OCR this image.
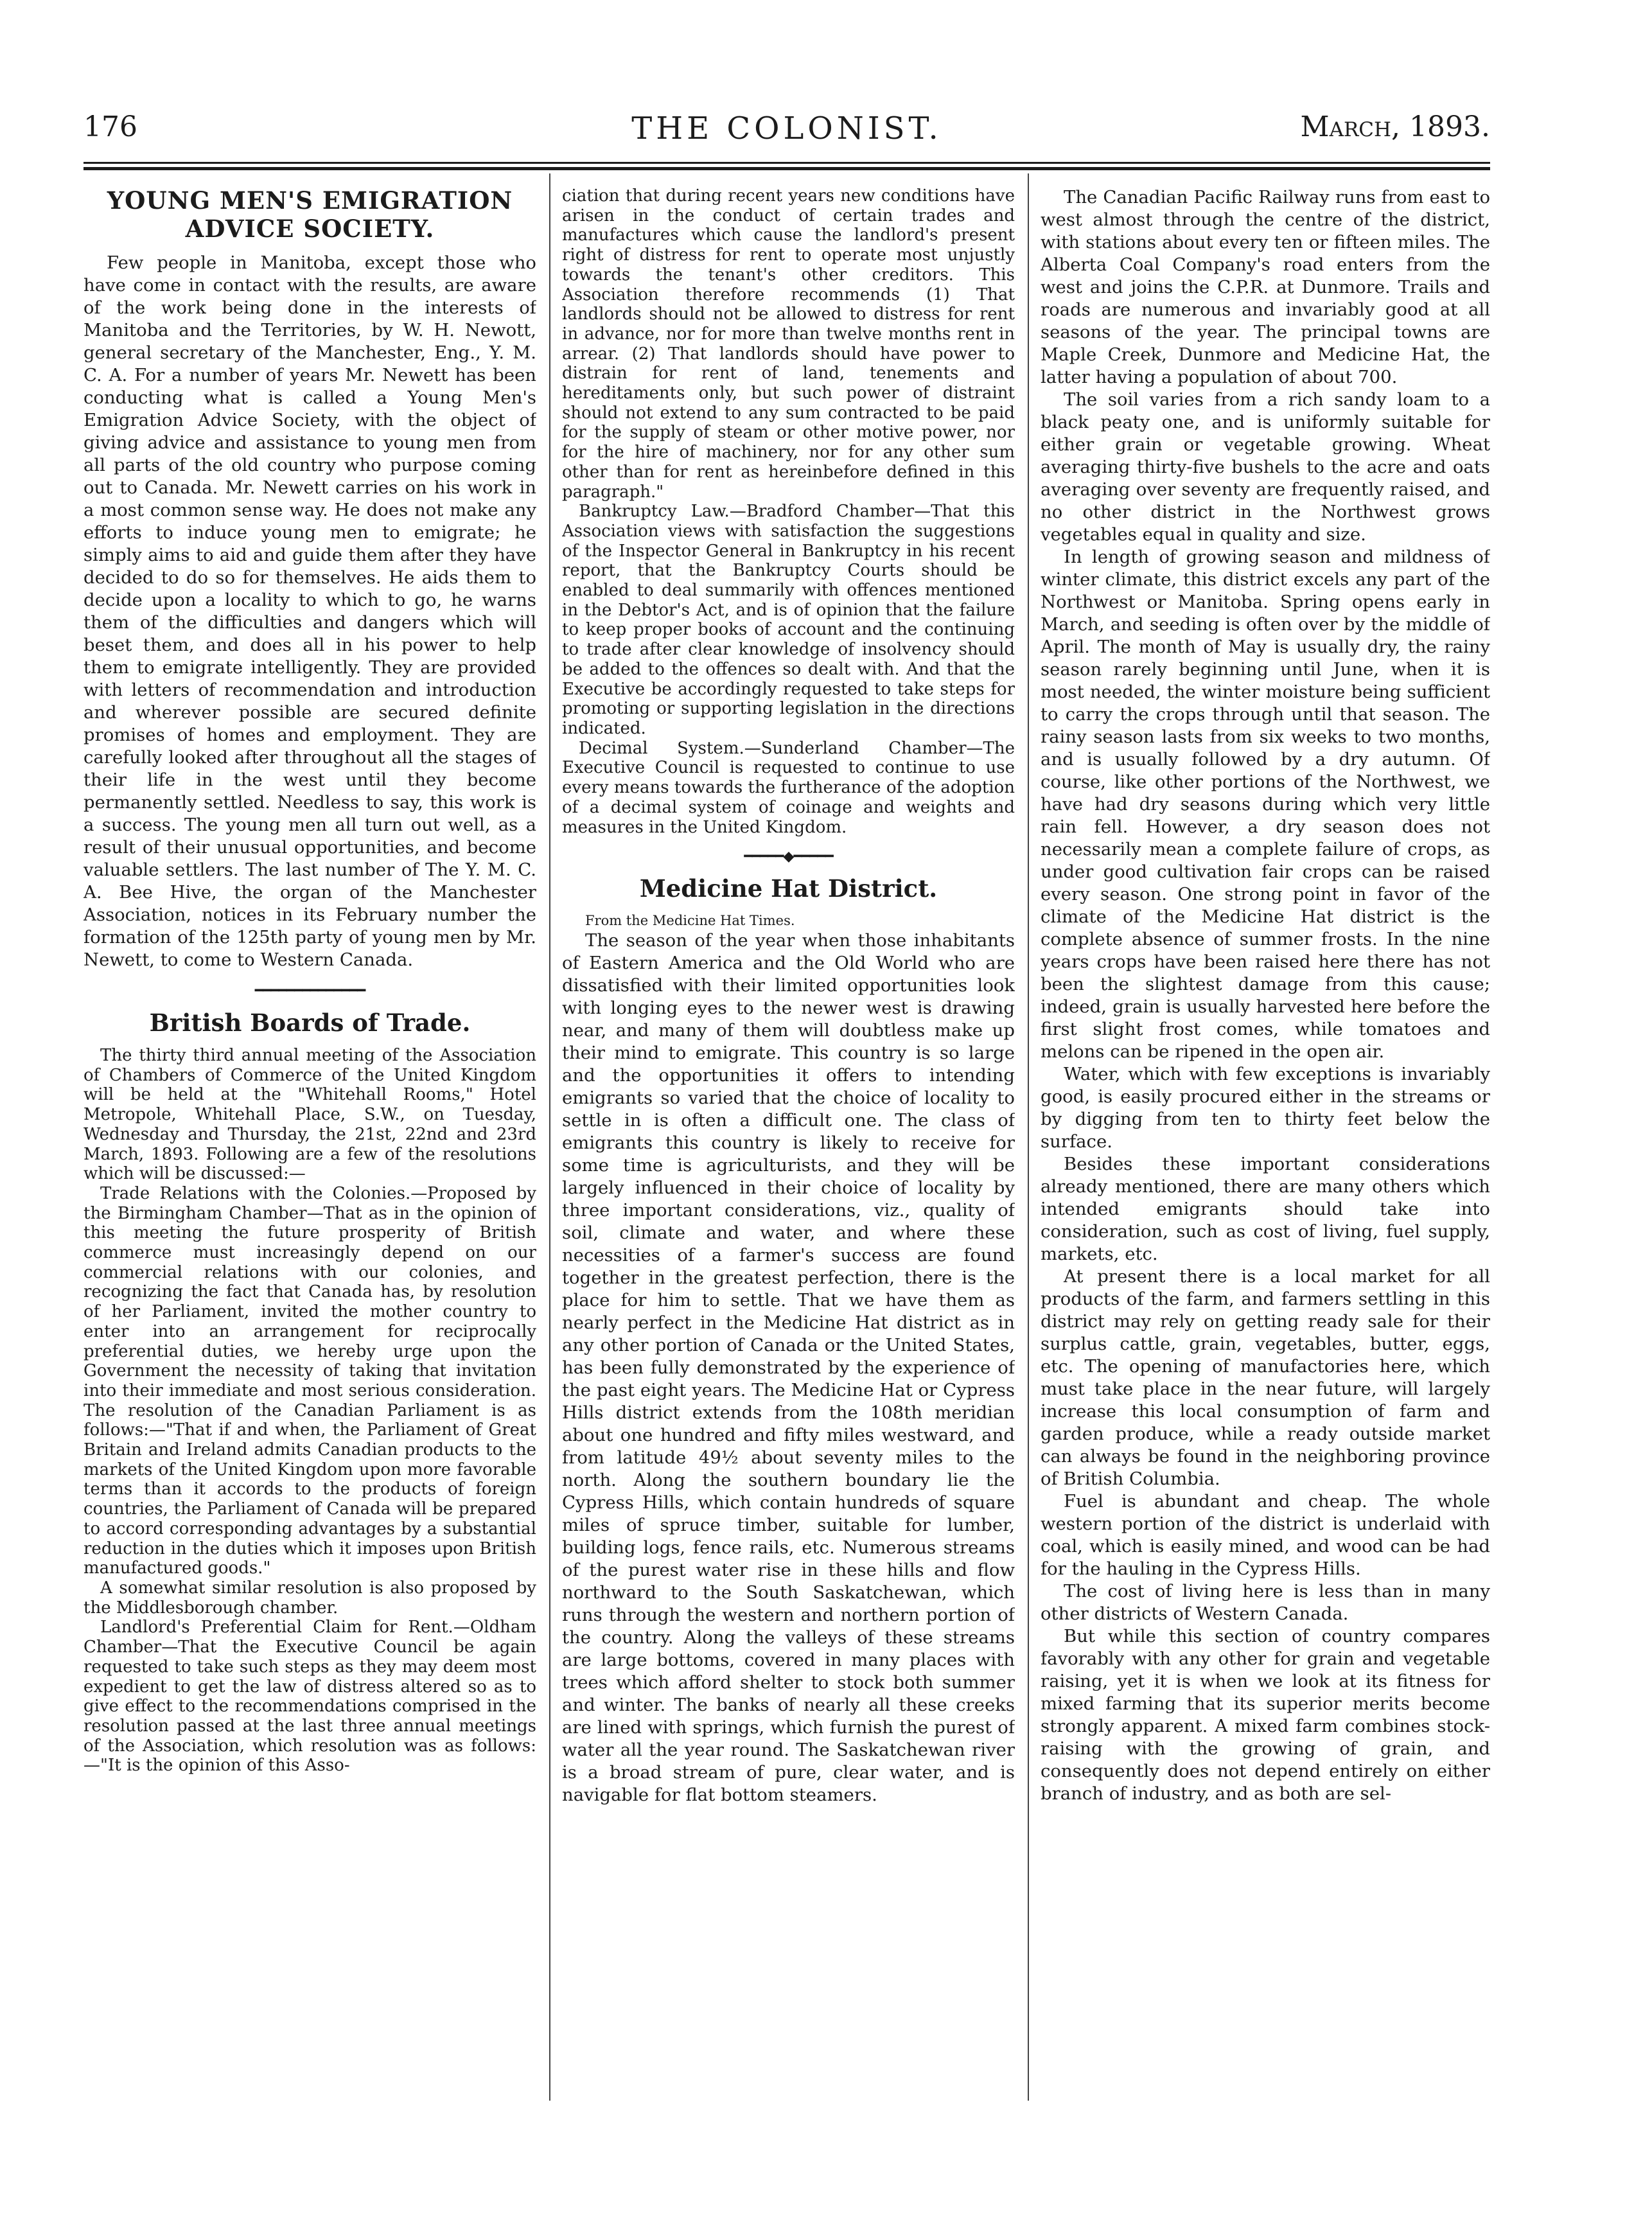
176	THE COLONIST.	March, 1893.
YOUNG MEN'S EMIGRATION ADVICE SOCIETY.

Few people in Manitoba, except those who have come in contact with the results, are aware of the work being done in the interests of Manitoba and the Territories, by W. H. Newott, general secretary of the Manchester, Eng., Y. M. C. A. For a number of years Mr. Newett has been conducting what is called a Young Men's Emigration Advice Society, with the object of giving advice and assistance to young men from all parts of the old country who purpose coming out to Canada. Mr. Newett carries on his work in a most common sense way. He does not make any efforts to induce young men to emigrate; he simply aims to aid and guide them after they have decided to do so for themselves. He aids them to decide upon a locality to which to go, he warns them of the difficulties and dangers which will beset them, and does all in his power to help them to emigrate intelligently. They are provided with letters of recommendation and introduction and wherever possible are secured definite promises of homes and employment. They are carefully looked after throughout all the stages of their life in the west until they become permanently settled. Needless to say, this work is a success. The young men all turn out well, as a result of their unusual opportunities, and become valuable settlers. The last number of The Y. M. C. A. Bee Hive, the organ of the Manchester Association, notices in its February number the formation of the 125th party of young men by Mr. Newett, to come to Western Canada.

━━━━━━━━━━━━━━
British Boards of Trade.

The thirty third annual meeting of the Association of Chambers of Commerce of the United Kingdom will be held at the "Whitehall Rooms," Hotel Metropole, Whitehall Place, S.W., on Tuesday, Wednesday and Thursday, the 21st, 22nd and 23rd March, 1893. Following are a few of the resolutions which will be discussed:—

Trade Relations with the Colonies.—Proposed by the Birmingham Chamber—That as in the opinion of this meeting the future prosperity of British commerce must increasingly depend on our commercial relations with our colonies, and recognizing the fact that Canada has, by resolution of her Parliament, invited the mother country to enter into an arrangement for reciprocally preferential duties, we hereby urge upon the Government the necessity of taking that invitation into their immediate and most serious consideration. The resolution of the Canadian Parliament is as follows:—"That if and when, the Parliament of Great Britain and Ireland admits Canadian products to the markets of the United Kingdom upon more favorable terms than it accords to the products of foreign countries, the Parliament of Canada will be prepared to accord corresponding advantages by a substantial reduction in the duties which it imposes upon British manufactured goods."

A somewhat similar resolution is also proposed by the Middlesborough chamber.

Landlord's Preferential Claim for Rent.—Oldham Chamber—That the Executive Council be again requested to take such steps as they may deem most expedient to get the law of distress altered so as to give effect to the recommendations comprised in the resolution passed at the last three annual meetings of the Association, which resolution was as follows:—"It is the opinion of this Asso-

ciation that during recent years new conditions have arisen in the conduct of certain trades and manufactures which cause the landlord's present right of distress for rent to operate most unjustly towards the tenant's other creditors. This Association therefore recommends (1) That landlords should not be allowed to distress for rent in advance, nor for more than twelve months rent in arrear. (2) That landlords should have power to distrain for rent of land, tenements and hereditaments only, but such power of distraint should not extend to any sum contracted to be paid for the supply of steam or other motive power, nor for the hire of machinery, nor for any other sum other than for rent as hereinbefore defined in this paragraph."

Bankruptcy Law.—Bradford Chamber—That this Association views with satisfaction the suggestions of the Inspector General in Bankruptcy in his recent report, that the Bankruptcy Courts should be enabled to deal summarily with offences mentioned in the Debtor's Act, and is of opinion that the failure to keep proper books of account and the continuing to trade after clear knowledge of insolvency should be added to the offences so dealt with. And that the Executive be accordingly requested to take steps for promoting or supporting legislation in the directions indicated.

Decimal System.—Sunderland Chamber—The Executive Council is requested to continue to use every means towards the furtherance of the adoption of a decimal system of coinage and weights and measures in the United Kingdom.

━━━━━◆━━━━━
Medicine Hat District.

From the Medicine Hat Times.

The season of the year when those inhabitants of Eastern America and the Old World who are dissatisfied with their limited opportunities look with longing eyes to the newer west is drawing near, and many of them will doubtless make up their mind to emigrate. This country is so large and the opportunities it offers to intending emigrants so varied that the choice of locality to settle in is often a difficult one. The class of emigrants this country is likely to receive for some time is agriculturists, and they will be largely influenced in their choice of locality by three important considerations, viz., quality of soil, climate and water, and where these necessities of a farmer's success are found together in the greatest perfection, there is the place for him to settle. That we have them as nearly perfect in the Medicine Hat district as in any other portion of Canada or the United States, has been fully demonstrated by the experience of the past eight years. The Medicine Hat or Cypress Hills district extends from the 108th meridian about one hundred and fifty miles westward, and from latitude 49½ about seventy miles to the north. Along the southern boundary lie the Cypress Hills, which contain hundreds of square miles of spruce timber, suitable for lumber, building logs, fence rails, etc. Numerous streams of the purest water rise in these hills and flow northward to the South Saskatchewan, which runs through the western and northern portion of the country. Along the valleys of these streams are large bottoms, covered in many places with trees which afford shelter to stock both summer and winter. The banks of nearly all these creeks are lined with springs, which furnish the purest of water all the year round. The Saskatchewan river is a broad stream of pure, clear water, and is navigable for flat bottom steamers.

The Canadian Pacific Railway runs from east to west almost through the centre of the district, with stations about every ten or fifteen miles. The Alberta Coal Company's road enters from the west and joins the C.P.R. at Dunmore. Trails and roads are numerous and invariably good at all seasons of the year. The principal towns are Maple Creek, Dunmore and Medicine Hat, the latter having a population of about 700.

The soil varies from a rich sandy loam to a black peaty one, and is uniformly suitable for either grain or vegetable growing. Wheat averaging thirty-five bushels to the acre and oats averaging over seventy are frequently raised, and no other district in the Northwest grows vegetables equal in quality and size.

In length of growing season and mildness of winter climate, this district excels any part of the Northwest or Manitoba. Spring opens early in March, and seeding is often over by the middle of April. The month of May is usually dry, the rainy season rarely beginning until June, when it is most needed, the winter moisture being sufficient to carry the crops through until that season. The rainy season lasts from six weeks to two months, and is usually followed by a dry autumn. Of course, like other portions of the Northwest, we have had dry seasons during which very little rain fell. However, a dry season does not necessarily mean a complete failure of crops, as under good cultivation fair crops can be raised every season. One strong point in favor of the climate of the Medicine Hat district is the complete absence of summer frosts. In the nine years crops have been raised here there has not been the slightest damage from this cause; indeed, grain is usually harvested here before the first slight frost comes, while tomatoes and melons can be ripened in the open air.

Water, which with few exceptions is invariably good, is easily procured either in the streams or by digging from ten to thirty feet below the surface.

Besides these important considerations already mentioned, there are many others which intended emigrants should take into consideration, such as cost of living, fuel supply, markets, etc.

At present there is a local market for all products of the farm, and farmers settling in this district may rely on getting ready sale for their surplus cattle, grain, vegetables, butter, eggs, etc. The opening of manufactories here, which must take place in the near future, will largely increase this local consumption of farm and garden produce, while a ready outside market can always be found in the neighboring province of British Columbia.

Fuel is abundant and cheap. The whole western portion of the district is underlaid with coal, which is easily mined, and wood can be had for the hauling in the Cypress Hills.

The cost of living here is less than in many other districts of Western Canada.

But while this section of country compares favorably with any other for grain and vegetable raising, yet it is when we look at its fitness for mixed farming that its superior merits become strongly apparent. A mixed farm combines stock-raising with the growing of grain, and consequently does not depend entirely on either branch of industry, and as both are sel-
